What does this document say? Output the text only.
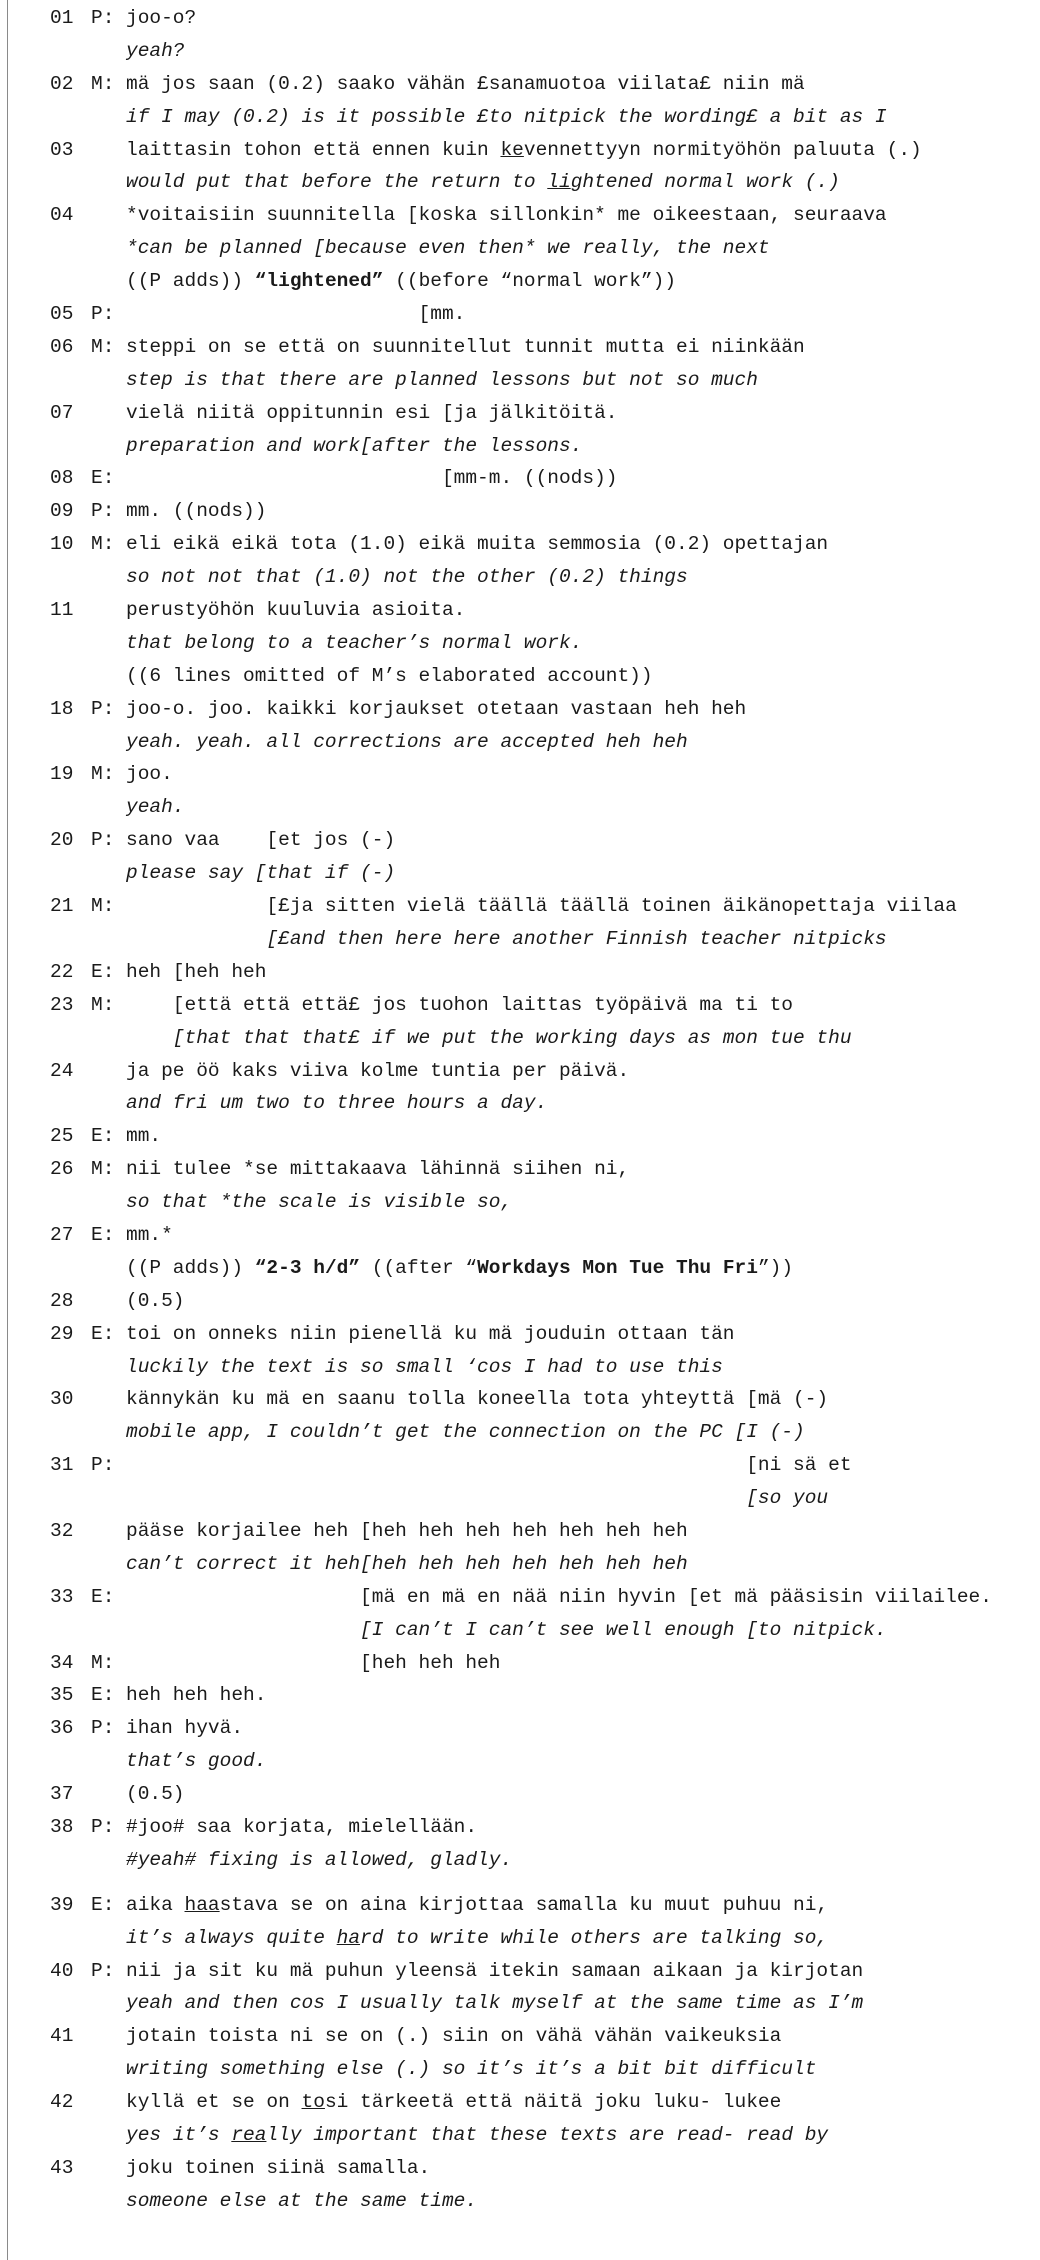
01 P: joo-o?
yeah?
02 M: mä jos saan (0.2) saako vähän £sanamuotoa viilata£ niin mä
if I may (0.2) is it possible £to nitpick the wording£ a bit as I
03	laittasin tohon että ennen kuin kevennettyyn normityöhön paluuta (.)
would put that before the return to lightened normal work (.)
04	*voitaisiin suunnitella [koska sillonkin* me oikeestaan, seuraava
*can be planned [because even then* we really, the next
((P adds)) “lightened” ((before “normal work”))
05 P: [mm.
06 M: steppi on se että on suunnitellut tunnit mutta ei niinkään
step is that there are planned lessons but not so much
07	vielä niitä oppitunnin esi [ja jälkitöitä.
preparation and work[after the lessons.
08 E: [mm-m. ((nods))
09 P: mm. ((nods))
10 M: eli eikä eikä tota (1.0) eikä muita semmosia (0.2) opettajan
so not not that (1.0) not the other (0.2) things
11	perustyöhön kuuluvia asioita.
that belong to a teacher’s normal work.
((6 lines omitted of M’s elaborated account))
18 P: joo-o. joo. kaikki korjaukset otetaan vastaan heh heh
yeah. yeah. all corrections are accepted heh heh
19 M: joo.
yeah.
20 P: sano vaa    [et jos (-)
please say [that if (-)
21 M: [£ja sitten vielä täällä täällä toinen äikänopettaja viilaa
[£and then here here another Finnish teacher nitpicks
22 E: heh [heh heh
23 M: [että että että£ jos tuohon laittas työpäivä ma ti to
[that that that£ if we put the working days as mon tue thu
24	ja pe öö kaks viiva kolme tuntia per päivä.
and fri um two to three hours a day.
25 E: mm.
26 M: nii tulee *se mittakaava lähinnä siihen ni,
so that *the scale is visible so,
27 E: mm.*
((P adds)) “2-3 h/d” ((after “Workdays Mon Tue Thu Fri”))
28	(0.5)
29 E: toi on onneks niin pienellä ku mä jouduin ottaan tän
luckily the text is so small ‘cos I had to use this
30	kännykän ku mä en saanu tolla koneella tota yhteyttä [mä (-)
mobile app, I couldn’t get the connection on the PC [I (-)
31 P: [ni sä et
[so you
32	pääse korjailee heh [heh heh heh heh heh heh heh
can’t correct it heh[heh heh heh heh heh heh heh
33 E: [mä en mä en nää niin hyvin [et mä pääsisin viilailee.
[I can’t I can’t see well enough [to nitpick.
34 M: [heh heh heh
35 E: heh heh heh.
36 P: ihan hyvä.
that’s good.
37	(0.5)
38 P: #joo# saa korjata, mielellään.
#yeah# fixing is allowed, gladly.
39 E: aika haastava se on aina kirjottaa samalla ku muut puhuu ni,
it’s always quite hard to write while others are talking so,
40 P: nii ja sit ku mä puhun yleensä itekin samaan aikaan ja kirjotan
yeah and then cos I usually talk myself at the same time as I’m
41	jotain toista ni se on (.) siin on vähä vähän vaikeuksia
writing something else (.) so it’s it’s a bit bit difficult
42	kyllä et se on tosi tärkeetä että näitä joku luku- lukee
yes it’s really important that these texts are read- read by
43	joku toinen siinä samalla.
someone else at the same time.
